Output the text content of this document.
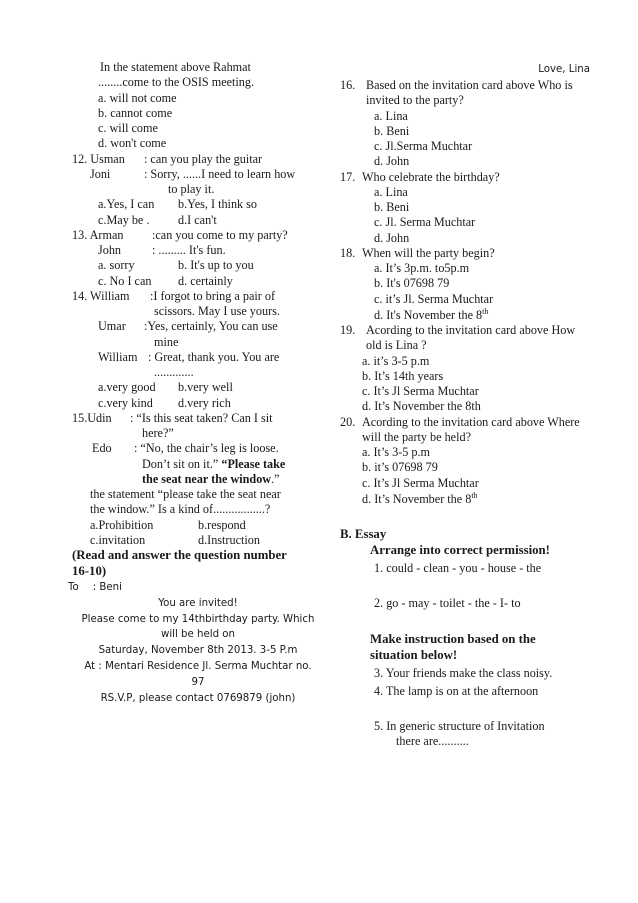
Love, Lina

In the statement above Rahmat

........come to the OSIS meeting.

a. will not come

b. cannot come

c. will come

d. won't come

12. Usman	: can you play the guitar
Joni	: Sorry, ......I need to learn how

to play it.

a.Yes, I can	b.Yes, I think so
c.May be .	d.I can't
13. Arman	:can you come to my party?
John	: ......... It's fun.
a. sorry	b. It's up to you
c. No I can	d. certainly
14. William	:I forgot to bring a pair of

scissors. May I use yours.

Umar	:Yes, certainly, You can use

mine

William : Great, thank you. You are

.............

a.very good	b.very well
c.very kind	d.very rich
15.Udin	: “Is this seat taken? Can I sit

here?”

Edo	: “No, the chair’s leg is loose.

Don’t sit on it.” “Please take

the seat near the window.”

the statement “please take the seat near

the window.” Is a kind of.................?

a.Prohibition	b.respond
c.invitation	d.Instruction

(Read and answer the question number

16-10)

To : Beni
You are invited!
Please come to my 14thbirthday party. Which
will be held on
Saturday, November 8th 2013. 3-5 P.m
At : Mentari Residence Jl. Serma Muchtar no.
97
RS.V.P, please contact 0769879 (john)
16. Based on the invitation card above Who is invited to the party?

a. Lina

b. Beni

c. Jl.Serma Muchtar

d. John

17. Who celebrate the birthday?

a. Lina

b. Beni

c. Jl. Serma Muchtar

d. John

18. When will the party begin?

a. It’s 3p.m. to5p.m

b. It's 07698 79

c. it’s Jl. Serma Muchtar

d. It's November the 8th

19. Acording to the invitation card above How old is Lina ?

a. it’s 3-5 p.m

b. It’s 14th years

c. It’s Jl Serma Muchtar

d. It’s November the 8th

20. Acording to the invitation card above Where will the party be held?

a. It’s 3-5 p.m

b. it’s 07698 79

c. It’s Jl Serma Muchtar

d. It’s November the 8th

B. Essay

Arrange into correct permission!

1. could - clean - you - house - the

2. go - may - toilet - the - I- to

Make instruction based on the

situation below!

3. Your friends make the class noisy.

4. The lamp is on at the afternoon

5. In generic structure of Invitation

there are..........
